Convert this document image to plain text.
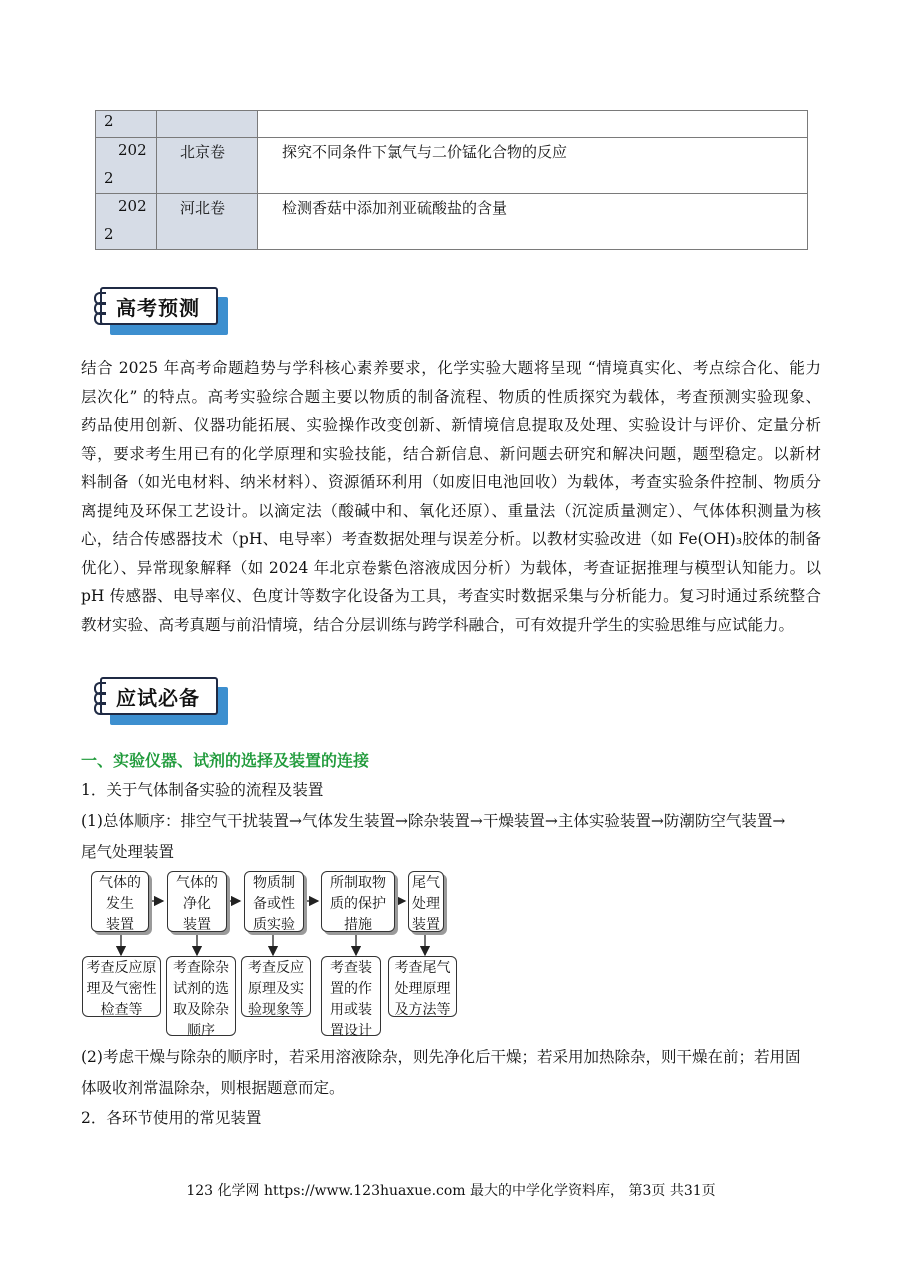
2		

202
2	北京卷	探究不同条件下氯气与二价锰化合物的反应

202
2	河北卷	检测香菇中添加剂亚硫酸盐的含量
高考预测
结合 2025 年高考命题趋势与学科核心素养要求，化学实验大题将呈现 “情境真实化、考点综合化、能力
层次化” 的特点。高考实验综合题主要以物质的制备流程、物质的性质探究为载体，考查预测实验现象、
药品使用创新、仪器功能拓展、实验操作改变创新、新情境信息提取及处理、实验设计与评价、定量分析
等，要求考生用已有的化学原理和实验技能，结合新信息、新问题去研究和解决问题，题型稳定。以新材
料制备（如光电材料、纳米材料）、资源循环利用（如废旧电池回收）为载体，考查实验条件控制、物质分
离提纯及环保工艺设计。以滴定法（酸碱中和、氧化还原）、重量法（沉淀质量测定）、气体体积测量为核
心，结合传感器技术（pH、电导率）考查数据处理与误差分析。以教材实验改进（如 Fe(OH)₃胶体的制备
优化）、异常现象解释（如 2024 年北京卷紫色溶液成因分析）为载体，考查证据推理与模型认知能力。以
pH 传感器、电导率仪、色度计等数字化设备为工具，考查实时数据采集与分析能力。复习时通过系统整合
教材实验、高考真题与前沿情境，结合分层训练与跨学科融合，可有效提升学生的实验思维与应试能力。
应试必备
一、实验仪器、试剂的选择及装置的连接
1．关于气体制备实验的流程及装置
(1)总体顺序：排空气干扰装置→气体发生装置→除杂装置→干燥装置→主体实验装置→防潮防空气装置→
尾气处理装置
气体的
发生
装置
气体的
净化
装置
物质制
备或性
质实验
所制取物
质的保护
措施
尾气
处理
装置
考查反应原
理及气密性
检查等
考查除杂
试剂的选
取及除杂
顺序
考查反应
原理及实
验现象等
考查装
置的作
用或装
置设计
考查尾气
处理原理
及方法等
(2)考虑干燥与除杂的顺序时，若采用溶液除杂，则先净化后干燥；若采用加热除杂，则干燥在前；若用固
体吸收剂常温除杂，则根据题意而定。
2．各环节使用的常见装置
123 化学网 https://www.123huaxue.com 最大的中学化学资料库， 第3页 共31页
